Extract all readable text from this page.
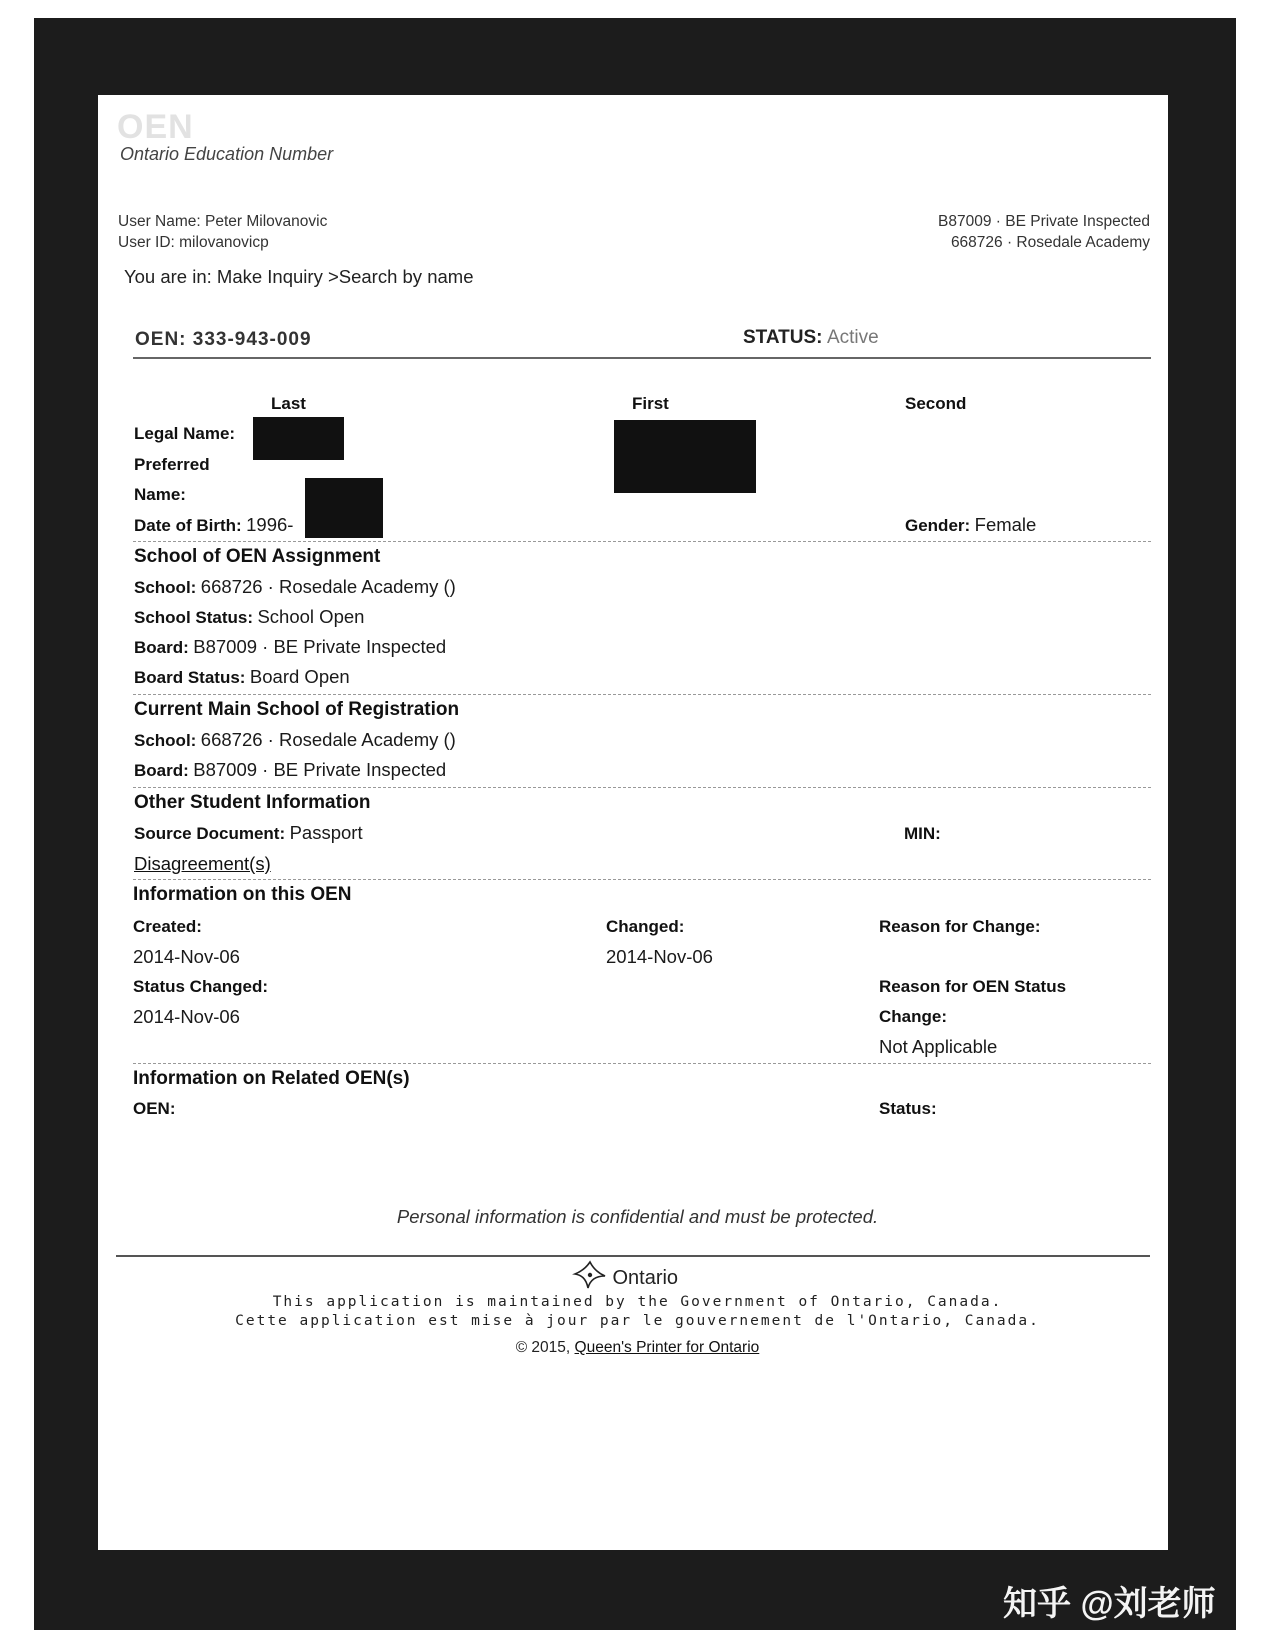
OEN
Ontario Education Number
User Name: Peter Milovanovic
User ID: milovanovicp
B87009 · BE Private Inspected
668726 · Rosedale Academy
You are in: Make Inquiry >Search by name
OEN: 333-943-009	STATUS: Active
Last	First	Second
Legal Name:
Preferred
Name:
Date of Birth: 1996-	Gender: Female
School of OEN Assignment
School: 668726 · Rosedale Academy ()
School Status: School Open
Board: B87009 · BE Private Inspected
Board Status: Board Open
Current Main School of Registration
School: 668726 · Rosedale Academy ()
Board: B87009 · BE Private Inspected
Other Student Information
Source Document: Passport	MIN:
Disagreement(s)
Information on this OEN
Created:
2014-Nov-06
Changed:
2014-Nov-06
Reason for Change:
Status Changed:
2014-Nov-06
Reason for OEN Status
Change:
Not Applicable
Information on Related OEN(s)
OEN:	Status:
Personal information is confidential and must be protected.
Ontario
This application is maintained by the Government of Ontario, Canada.
Cette application est mise à jour par le gouvernement de l'Ontario, Canada.
© 2015, Queen's Printer for Ontario
知乎 @刘老师
